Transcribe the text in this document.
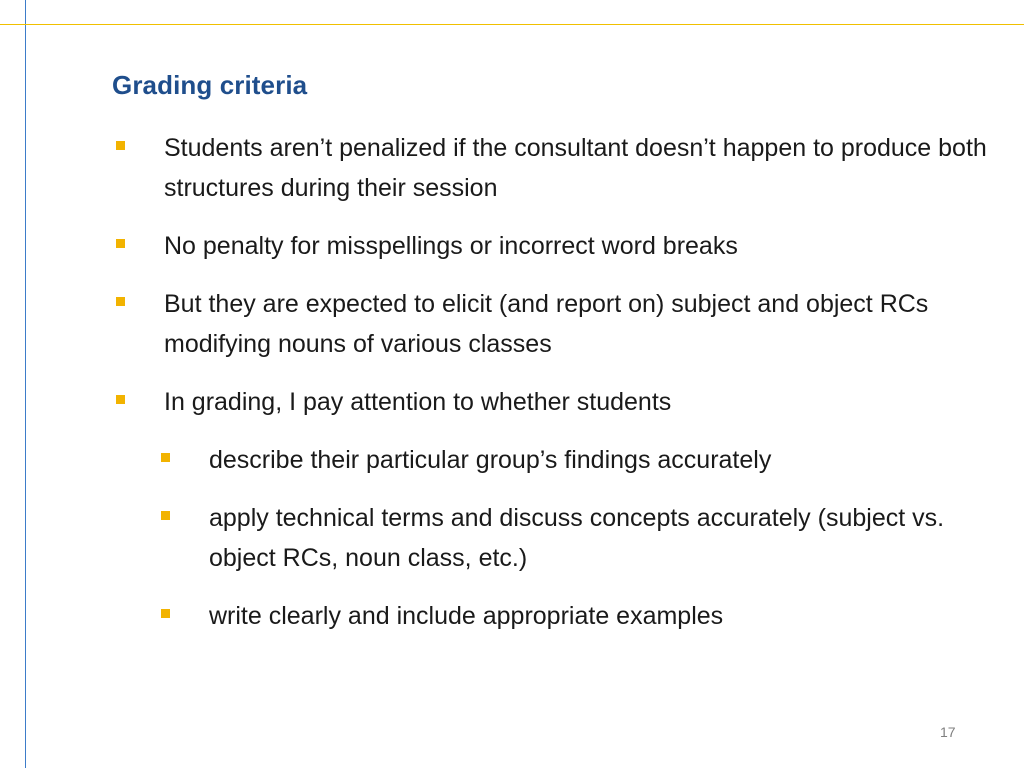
Grading criteria
Students aren’t penalized if the consultant doesn’t happen to produce both structures during their session
No penalty for misspellings or incorrect word breaks
But they are expected to elicit (and report on) subject and object RCs modifying nouns of various classes
In grading, I pay attention to whether students
describe their particular group’s findings accurately
apply technical terms and discuss concepts accurately (subject vs. object RCs, noun class, etc.)
write clearly and include appropriate examples
17
